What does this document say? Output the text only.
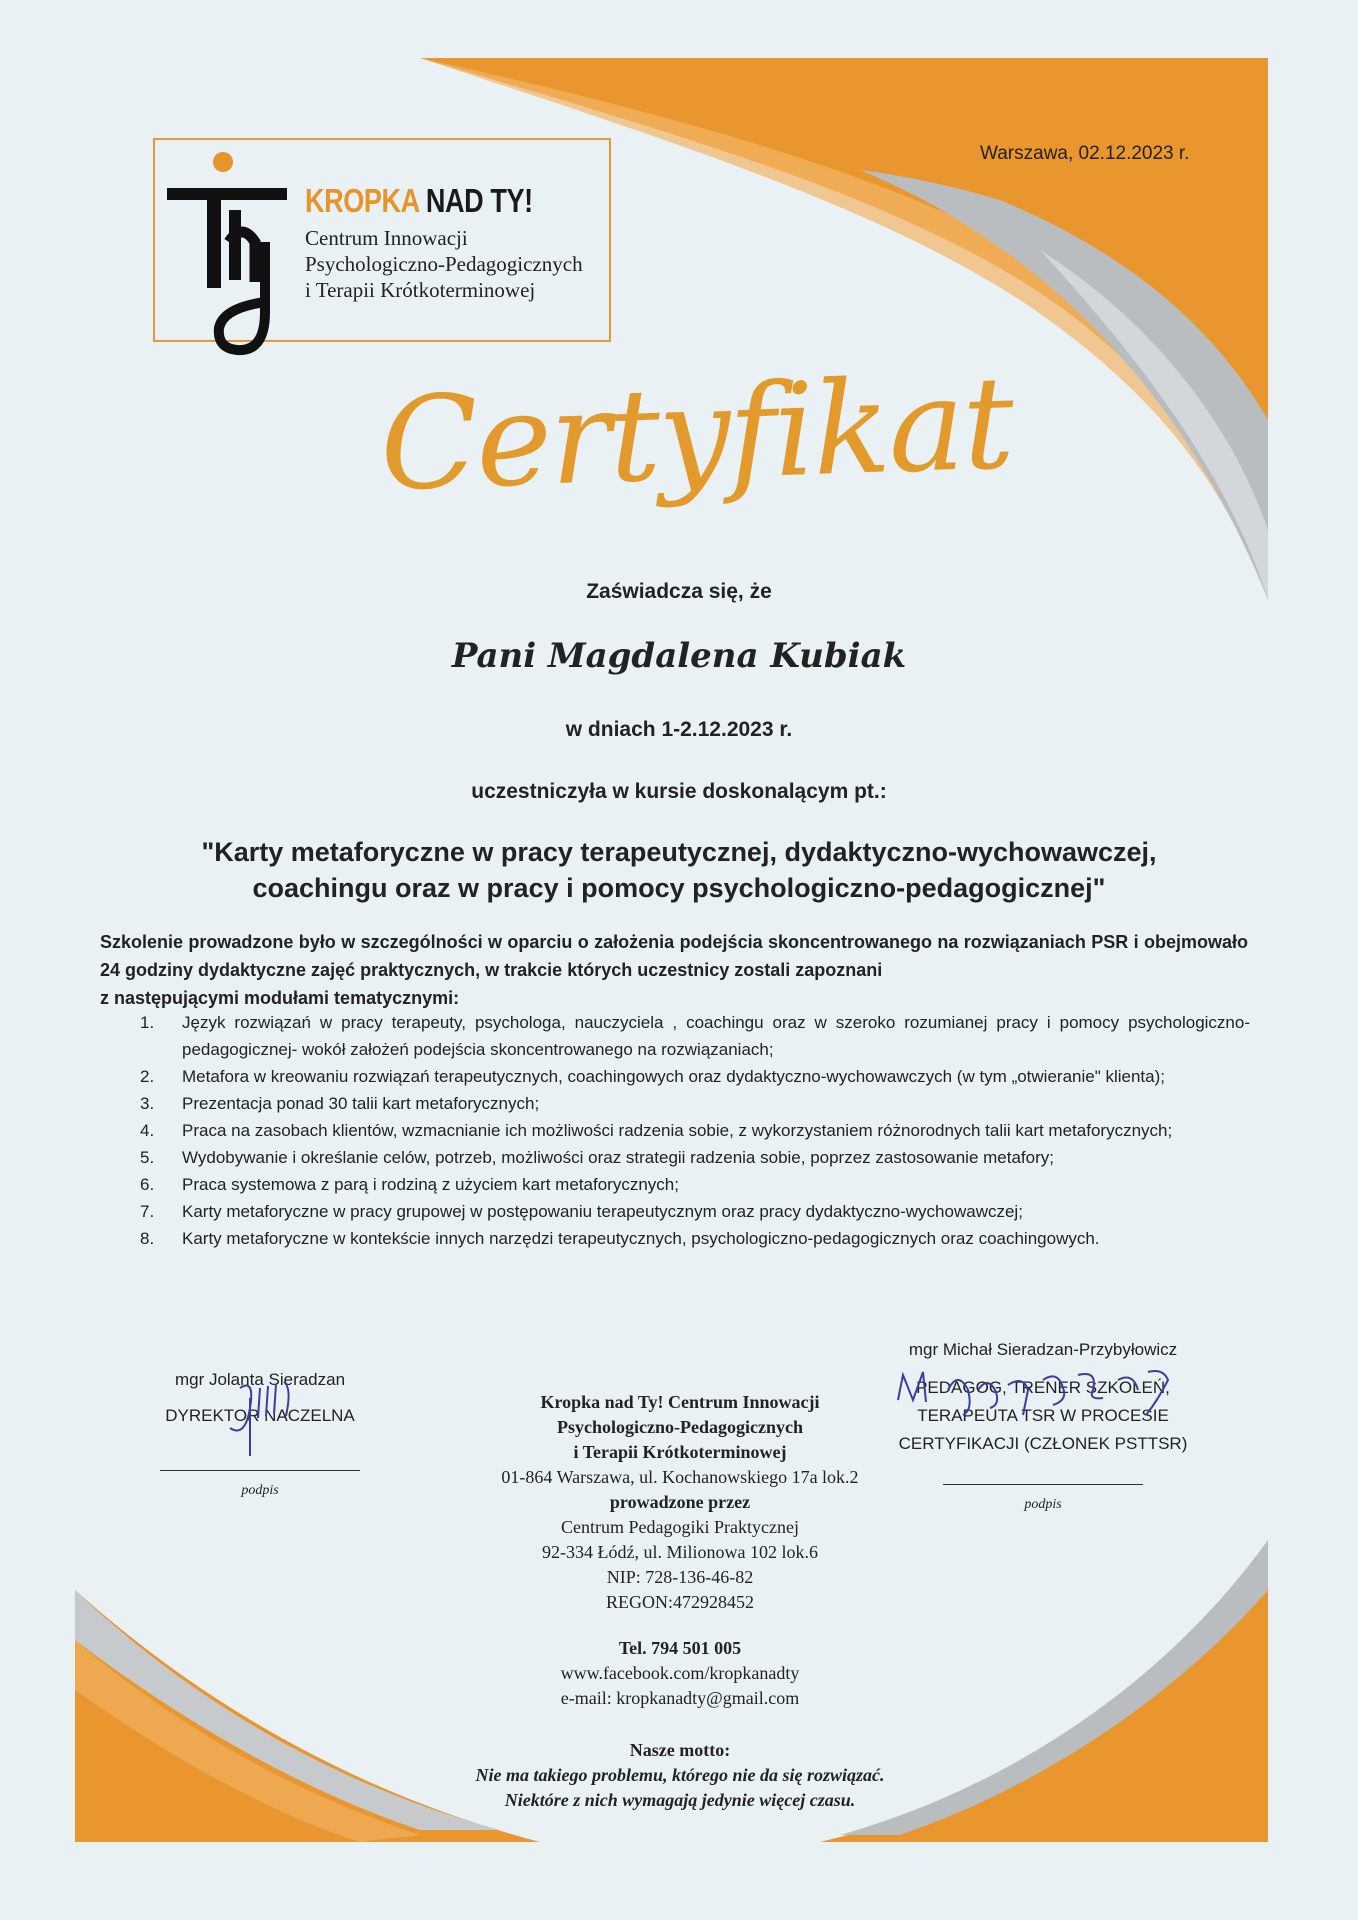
KROPKA NAD TY!
Centrum Innowacji
Psychologiczno-Pedagogicznych
i Terapii Krótkoterminowej
Warszawa, 02.12.2023 r.
Certyfikat
Zaświadcza się, że
Pani Magdalena Kubiak
w dniach 1-2.12.2023 r.
uczestniczyła w kursie doskonalącym pt.:
"Karty metaforyczne w pracy terapeutycznej, dydaktyczno-wychowawczej,
coachingu oraz w pracy i pomocy psychologiczno-pedagogicznej"
Szkolenie prowadzone było w szczególności w oparciu o założenia podejścia skoncentrowanego na rozwiązaniach PSR i obejmowało 24 godziny dydaktyczne zajęć praktycznych, w trakcie których uczestnicy zostali zapoznani
z następującymi modułami tematycznymi:
1.	Język rozwiązań w pracy terapeuty, psychologa, nauczyciela , coachingu oraz w szeroko rozumianej pracy i pomocy psychologiczno-pedagogicznej- wokół założeń podejścia skoncentrowanego na rozwiązaniach;
2.	Metafora w kreowaniu rozwiązań terapeutycznych, coachingowych oraz dydaktyczno-wychowawczych (w tym „otwieranie" klienta);
3.	Prezentacja ponad 30 talii kart metaforycznych;
4.	Praca na zasobach klientów, wzmacnianie ich możliwości radzenia sobie, z wykorzystaniem różnorodnych talii kart metaforycznych;
5.	Wydobywanie i określanie celów, potrzeb, możliwości oraz strategii radzenia sobie, poprzez zastosowanie metafory;
6.	Praca systemowa z parą i rodziną z użyciem kart metaforycznych;
7.	Karty metaforyczne w pracy grupowej w postępowaniu terapeutycznym oraz pracy dydaktyczno-wychowawczej;
8.	Karty metaforyczne w kontekście innych narzędzi terapeutycznych, psychologiczno-pedagogicznych oraz coachingowych.
mgr Jolanta Sieradzan
DYREKTOR NACZELNA
podpis
mgr Michał Sieradzan-Przybyłowicz
PEDAGOG, TRENER SZKOLEŃ,
TERAPEUTA TSR W PROCESIE
CERTYFIKACJI (CZŁONEK PSTTSR)
podpis
Kropka nad Ty! Centrum Innowacji
Psychologiczno-Pedagogicznych
i Terapii Krótkoterminowej
01-864 Warszawa, ul. Kochanowskiego 17a lok.2
prowadzone przez
Centrum Pedagogiki Praktycznej
92-334 Łódź, ul. Milionowa 102 lok.6
NIP: 728-136-46-82
REGON:472928452
Tel. 794 501 005
www.facebook.com/kropkanadty
e-mail: kropkanadty@gmail.com
Nasze motto:
Nie ma takiego problemu, którego nie da się rozwiązać.
Niektóre z nich wymagają jedynie więcej czasu.
